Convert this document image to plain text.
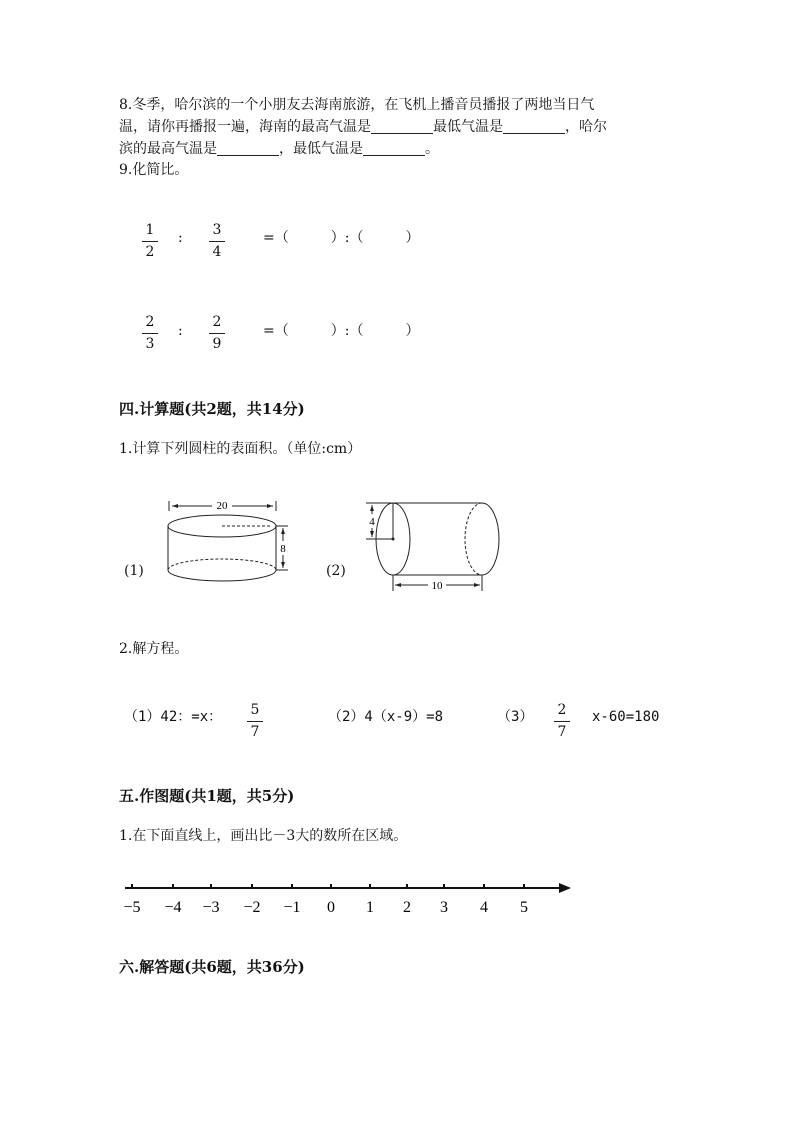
8.冬季，哈尔滨的一个小朋友去海南旅游，在飞机上播音员播报了两地当日气
温，请你再播报一遍，海南的最高气温是	最低气温是	，哈尔
滨的最高气温是	，最低气温是	。
9.化简比。
1
2
:	3
4
=（　　　）:（　　　）
2
3
:
2
9
=（　　　）:（　　　）
四.计算题(共2题，共14分)
1.计算下列圆柱的表面积。（单位:cm）
(1)
20
8
(2)
4
10
2.解方程。
（1）42：=x：	5
7
（2）4（x-9）=8	（3）	2
7
x-60=180
五.作图题(共1题，共5分)
1.在下面直线上，画出比－3大的数所在区域。
−5 −4 −3 −2 −1 0 1 2 3 4 5
六.解答题(共6题，共36分)
